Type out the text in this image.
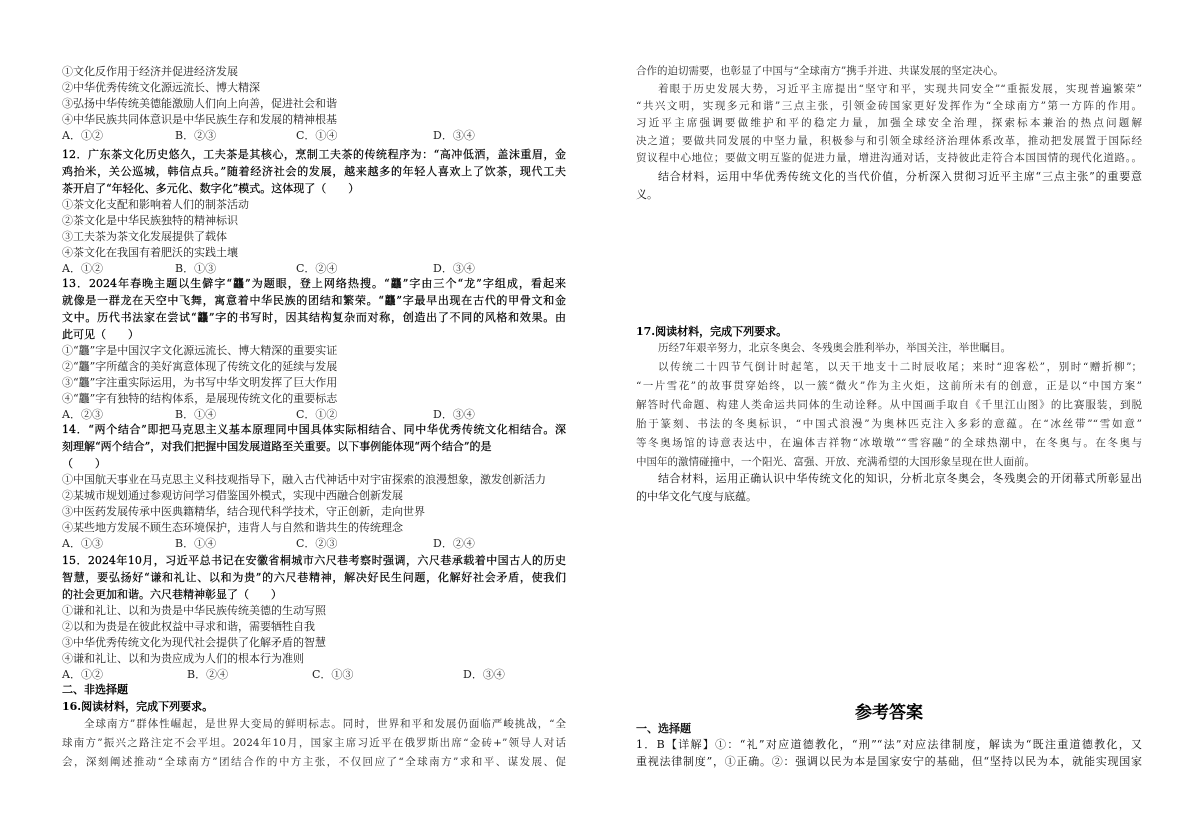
①文化反作用于经济并促进经济发展
②中华优秀传统文化源远流长、博大精深
③弘扬中华传统美德能激励人们向上向善，促进社会和谐
④中华民族共同体意识是中华民族生存和发展的精神根基
A．①②	B．②③	C．①④	D．③④
12．广东茶文化历史悠久，工夫茶是其核心，烹制工夫茶的传统程序为：“高冲低洒，盖沫重眉，金
鸡抬米，关公巡城，韩信点兵。”随着经济社会的发展，越来越多的年轻人喜欢上了饮茶，现代工夫
茶开启了“年轻化、多元化、数字化”模式。这体现了（　　）
①茶文化支配和影响着人们的制茶活动
②茶文化是中华民族独特的精神标识
③工夫茶为茶文化发展提供了载体
④茶文化在我国有着肥沃的实践土壤
A．①②	B．①③	C．②④	D．③④
13．2024年春晚主题以生僻字“龘”为题眼，登上网络热搜。“龘”字由三个“龙”字组成，看起来
就像是一群龙在天空中飞舞，寓意着中华民族的团结和繁荣。“龘”字最早出现在古代的甲骨文和金
文中。历代书法家在尝试“龘”字的书写时，因其结构复杂而对称，创造出了不同的风格和效果。由
此可见（　　）
①“龘”字是中国汉字文化源远流长、博大精深的重要实证
②“龘”字所蕴含的美好寓意体现了传统文化的延续与发展
③“龘”字注重实际运用，为书写中华文明发挥了巨大作用
④“龘”字有独特的结构体系，是展现传统文化的重要标志
A．②③	B．①④	C．①②	D．③④
14．“两个结合”即把马克思主义基本原理同中国具体实际相结合、同中华优秀传统文化相结合。深
刻理解“两个结合”，对我们把握中国发展道路至关重要。以下事例能体现“两个结合”的是
（　　）
①中国航天事业在马克思主义科技观指导下，融入古代神话中对宇宙探索的浪漫想象，激发创新活力
②某城市规划通过参观访问学习借鉴国外模式，实现中西融合创新发展
③中医药发展传承中医典籍精华，结合现代科学技术，守正创新，走向世界
④某些地方发展不顾生态环境保护，违背人与自然和谐共生的传统理念
A．①③	B．①④	C．②③	D．②④
15．2024年10月，习近平总书记在安徽省桐城市六尺巷考察时强调，六尺巷承载着中国古人的历史
智慧，要弘扬好“谦和礼让、以和为贵”的六尺巷精神，解决好民生问题，化解好社会矛盾，使我们
的社会更加和谐。六尺巷精神彰显了（　　）
①谦和礼让、以和为贵是中华民族传统美德的生动写照
②以和为贵是在彼此权益中寻求和谐，需要牺牲自我
③中华优秀传统文化为现代社会提供了化解矛盾的智慧
④谦和礼让、以和为贵应成为人们的根本行为准则
A．①②	B．②④	C．①③	D．③④
二、非选择题
16.阅读材料，完成下列要求。
全球南方”群体性崛起，是世界大变局的鲜明标志。同时，世界和平和发展仍面临严峻挑战，“全
球南方”振兴之路注定不会平坦。2024年10月，国家主席习近平在俄罗斯出席“金砖+”领导人对话
会，深刻阐述推动“全球南方”团结合作的中方主张，不仅回应了“全球南方”求和平、谋发展、促
合作的迫切需要，也彰显了中国与“全球南方”携手并进、共谋发展的坚定决心。
着眼于历史发展大势，习近平主席提出“坚守和平，实现共同安全”“重振发展，实现普遍繁荣”
“共兴文明，实现多元和谐”三点主张，引领金砖国家更好发挥作为“全球南方”第一方阵的作用。
习近平主席强调要做维护和平的稳定力量，加强全球安全治理，探索标本兼治的热点问题解
决之道；要做共同发展的中坚力量，积极参与和引领全球经济治理体系改革，推动把发展置于国际经
贸议程中心地位；要做文明互鉴的促进力量，增进沟通对话，支持彼此走符合本国国情的现代化道路。。
结合材料，运用中华优秀传统文化的当代价值，分析深入贯彻习近平主席“三点主张”的重要意
义。
17.阅读材料，完成下列要求。
历经7年艰辛努力，北京冬奥会、冬残奥会胜利举办，举国关注，举世瞩目。
以传统二十四节气倒计时起笔，以天干地支十二时辰收尾；来时“迎客松”，别时“赠折柳”；
“一片雪花”的故事贯穿始终，以一簇“微火”作为主火炬，这前所未有的创意，正是以“中国方案”
解答时代命题、构建人类命运共同体的生动诠释。从中国画手取自《千里江山图》的比赛服装，到脱
胎于篆刻、书法的冬奥标识，“中国式浪漫”为奥林匹克注入多彩的意蕴。在“冰丝带”“雪如意”
等冬奥场馆的诗意表达中，在遍体吉祥物“冰墩墩”“雪容融”的全球热潮中，在冬奥与。在冬奥与
中国年的激情碰撞中，一个阳光、富强、开放、充满希望的大国形象呈现在世人面前。
结合材料，运用正确认识中华传统文化的知识，分析北京冬奥会，冬残奥会的开闭幕式所彰显出
的中华文化气度与底蕴。
参考答案
一、选择题
1．B【详解】①：“礼”对应道德教化，“刑”“法”对应法律制度，解读为“既注重道德教化，又
重视法律制度”，①正确。②：强调以民为本是国家安宁的基础，但“坚持以民为本，就能实现国家
